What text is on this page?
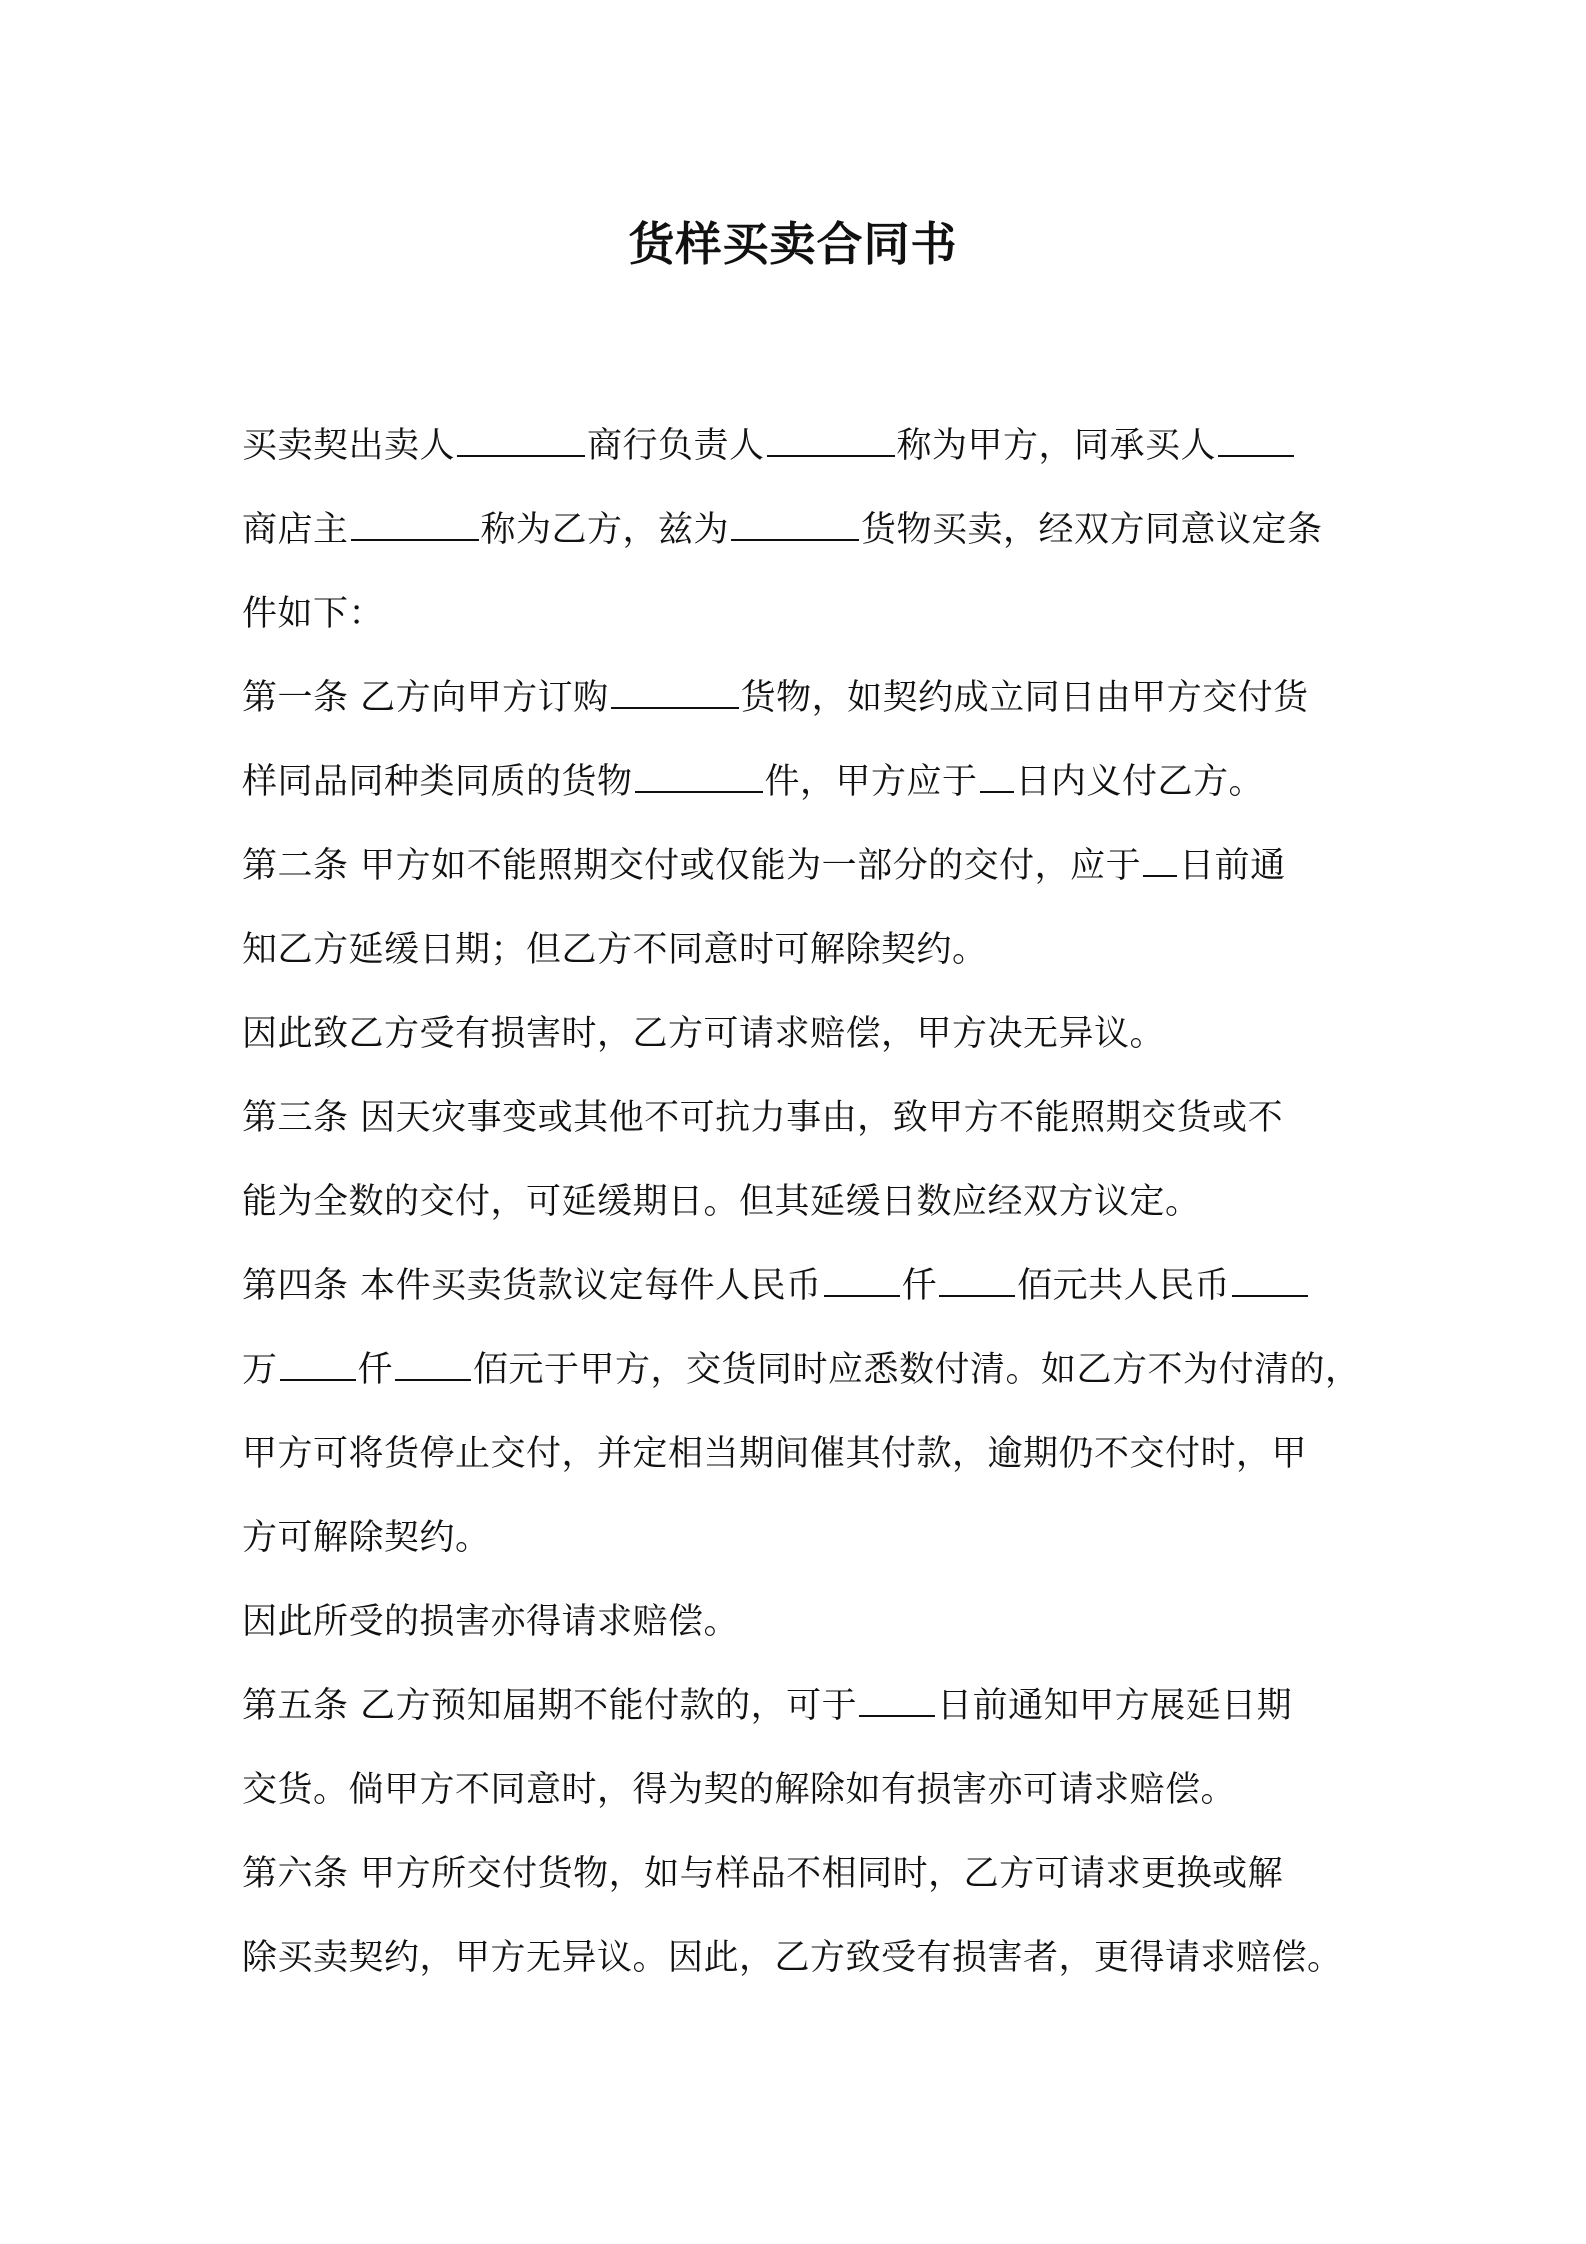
货样买卖合同书
买卖契出卖人	商行负责人	称为甲方，同承买人
商店主	称为乙方，兹为	货物买卖，经双方同意议定条
件如下：
第一条 乙方向甲方订购	货物，如契约成立同日由甲方交付货
样同品同种类同质的货物	件，甲方应于 日内义付乙方。
第二条 甲方如不能照期交付或仅能为一部分的交付，应于 日前通
知乙方延缓日期；但乙方不同意时可解除契约。
因此致乙方受有损害时，乙方可请求赔偿，甲方决无异议。
第三条 因天灾事变或其他不可抗力事由，致甲方不能照期交货或不
能为全数的交付，可延缓期日。但其延缓日数应经双方议定。
第四条 本件买卖货款议定每件人民币 仟 佰元共人民币
万 仟 佰元于甲方，交货同时应悉数付清。如乙方不为付清的，
甲方可将货停止交付，并定相当期间催其付款，逾期仍不交付时，甲
方可解除契约。
因此所受的损害亦得请求赔偿。
第五条 乙方预知届期不能付款的，可于 日前通知甲方展延日期
交货。倘甲方不同意时，得为契的解除如有损害亦可请求赔偿。
第六条 甲方所交付货物，如与样品不相同时，乙方可请求更换或解
除买卖契约，甲方无异议。因此，乙方致受有损害者，更得请求赔偿。
